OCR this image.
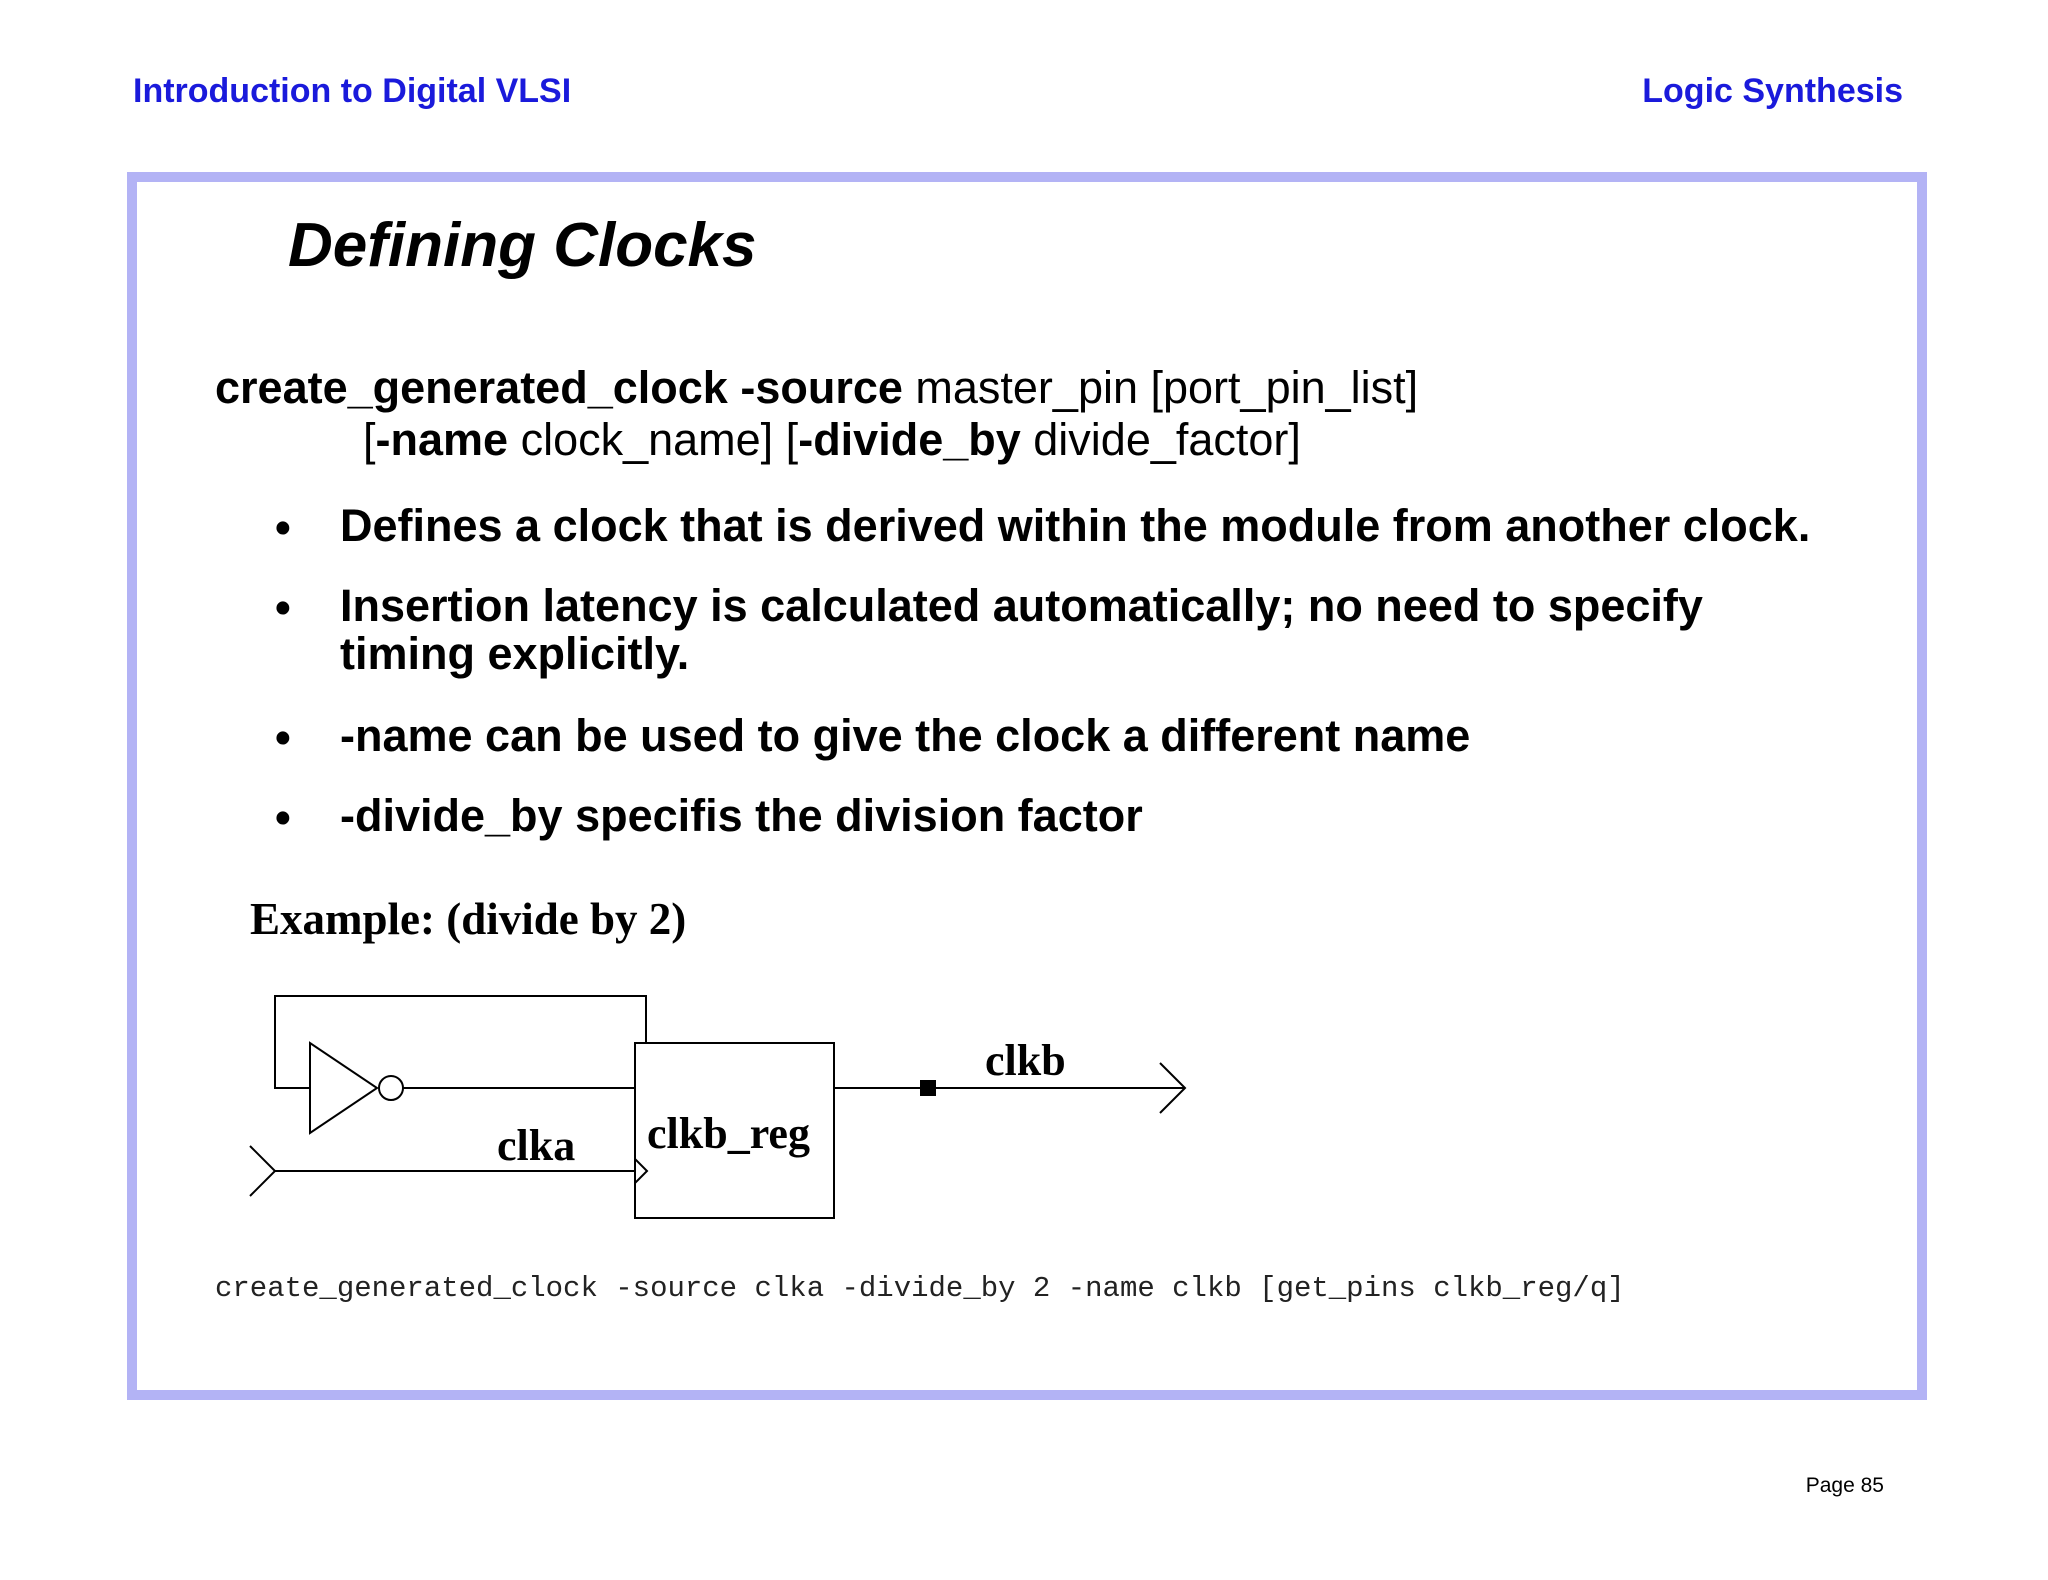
Introduction to Digital VLSI	Logic Synthesis
Defining Clocks
create_generated_clock -source master_pin [port_pin_list]
[-name clock_name] [-divide_by divide_factor]
• Defines a clock that is derived within the module from another clock.
• Insertion latency is calculated automatically; no need to specify timing explicitly.
• -name can be used to give the clock a different name
• -divide_by specifis the division factor
Example: (divide by 2)
clkb_reg
clkb
clka
create_generated_clock -source clka -divide_by 2 -name clkb [get_pins clkb_reg/q]
Page 85
